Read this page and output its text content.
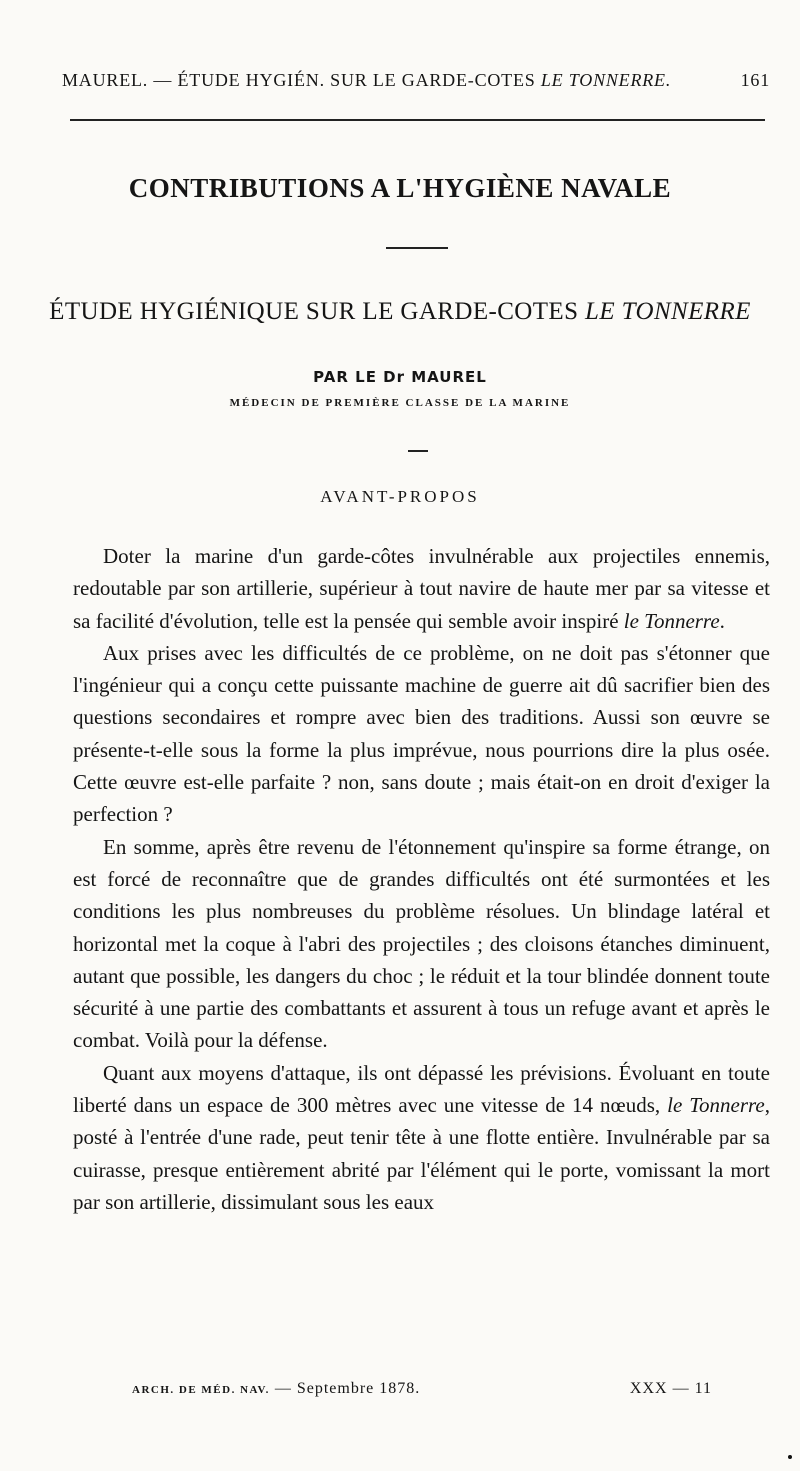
MAUREL. — ÉTUDE HYGIÉN. SUR LE GARDE-COTES LE TONNERRE.	161
CONTRIBUTIONS A L'HYGIÈNE NAVALE
ÉTUDE HYGIÉNIQUE SUR LE GARDE-COTES LE TONNERRE
PAR LE Dr MAUREL
MÉDECIN DE PREMIÈRE CLASSE DE LA MARINE
AVANT-PROPOS

Doter la marine d'un garde-côtes invulnérable aux projectiles ennemis, redoutable par son artillerie, supérieur à tout navire de haute mer par sa vitesse et sa facilité d'évolution, telle est la pensée qui semble avoir inspiré le Tonnerre.

Aux prises avec les difficultés de ce problème, on ne doit pas s'étonner que l'ingénieur qui a conçu cette puissante machine de guerre ait dû sacrifier bien des questions secondaires et rompre avec bien des traditions. Aussi son œuvre se présente-t-elle sous la forme la plus imprévue, nous pourrions dire la plus osée. Cette œuvre est-elle parfaite ? non, sans doute ; mais était-on en droit d'exiger la perfection ?

En somme, après être revenu de l'étonnement qu'inspire sa forme étrange, on est forcé de reconnaître que de grandes difficultés ont été surmontées et les conditions les plus nombreuses du problème résolues. Un blindage latéral et horizontal met la coque à l'abri des projectiles ; des cloisons étanches diminuent, autant que possible, les dangers du choc ; le réduit et la tour blindée donnent toute sécurité à une partie des combattants et assurent à tous un refuge avant et après le combat. Voilà pour la défense.

Quant aux moyens d'attaque, ils ont dépassé les prévisions. Évoluant en toute liberté dans un espace de 300 mètres avec une vitesse de 14 nœuds, le Tonnerre, posté à l'entrée d'une rade, peut tenir tête à une flotte entière. Invulnérable par sa cuirasse, presque entièrement abrité par l'élément qui le porte, vomissant la mort par son artillerie, dissimulant sous les eaux

ARCH. DE MÉD. NAV. — Septembre 1878.	XXX — 11
